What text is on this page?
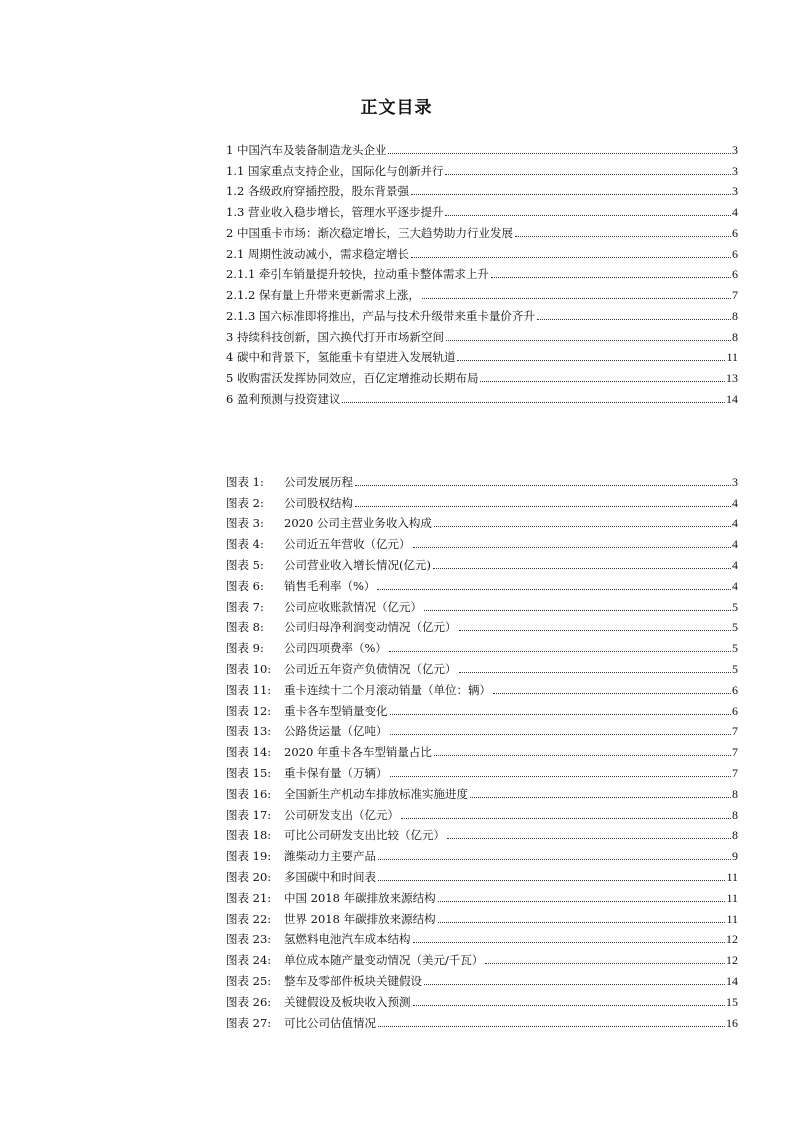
正文目录
1 中国汽车及装备制造龙头企业	3
1.1 国家重点支持企业，国际化与创新并行	3
1.2 各级政府穿插控股，股东背景强	3
1.3 营业收入稳步增长，管理水平逐步提升	4
2 中国重卡市场：渐次稳定增长，三大趋势助力行业发展	6
2.1 周期性波动减小，需求稳定增长	6
2.1.1 牵引车销量提升较快，拉动重卡整体需求上升	6
2.1.2 保有量上升带来更新需求上涨，	7
2.1.3 国六标准即将推出，产品与技术升级带来重卡量价齐升	8
3 持续科技创新，国六换代打开市场新空间	8
4 碳中和背景下，氢能重卡有望进入发展轨道	11
5 收购雷沃发挥协同效应，百亿定增推动长期布局	13
6 盈利预测与投资建议	14
图表 1: 公司发展历程	3
图表 2: 公司股权结构	4
图表 3: 2020 公司主营业务收入构成	4
图表 4: 公司近五年营收（亿元）	4
图表 5: 公司营业收入增长情况(亿元)	4
图表 6: 销售毛利率（%）	4
图表 7: 公司应收账款情况（亿元）	5
图表 8: 公司归母净利润变动情况（亿元）	5
图表 9: 公司四项费率（%）	5
图表 10: 公司近五年资产负债情况（亿元）	5
图表 11: 重卡连续十二个月滚动销量（单位：辆）	6
图表 12: 重卡各车型销量变化	6
图表 13: 公路货运量（亿吨）	7
图表 14: 2020 年重卡各车型销量占比	7
图表 15: 重卡保有量（万辆）	7
图表 16: 全国新生产机动车排放标准实施进度	8
图表 17: 公司研发支出（亿元）	8
图表 18: 可比公司研发支出比较（亿元）	8
图表 19: 潍柴动力主要产品	9
图表 20: 多国碳中和时间表	11
图表 21: 中国 2018 年碳排放来源结构	11
图表 22: 世界 2018 年碳排放来源结构	11
图表 23: 氢燃料电池汽车成本结构	12
图表 24: 单位成本随产量变动情况（美元/千瓦）	12
图表 25: 整车及零部件板块关键假设	14
图表 26: 关键假设及板块收入预测	15
图表 27: 可比公司估值情况	16
